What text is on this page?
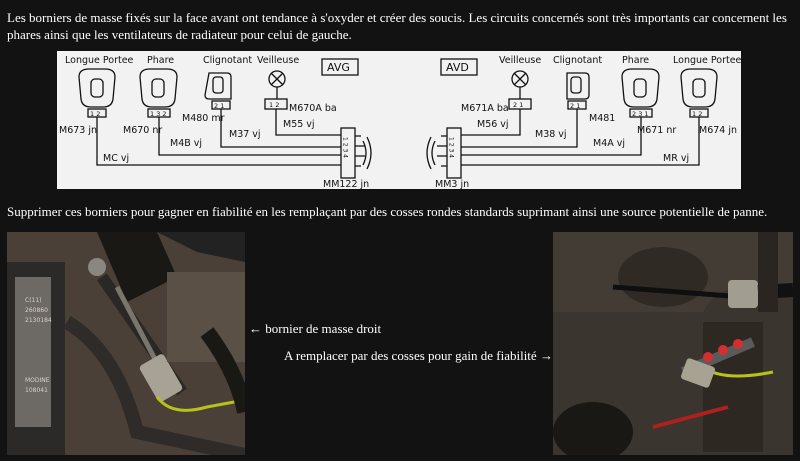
Les borniers de masse fixés sur la face avant ont tendance à s'oxyder et créer des soucis. Les circuits concernés sont très importants car concernent les phares ainsi que les ventilateurs de radiateur pour celui de gauche.

Longue Portee Phare	Clignotant Veilleuse
AVG	AVD
Veilleuse Clignotant Phare	Longue Portee
M673 jn	M670 nr
M480 mr
M670A ba
M55 vj
M37 vj
M4B vj
MC vj
MM122 jn	MM3 jn
M671A ba
M56 vj
M38 vj
M481
M671 nr M674 jn
M4A vj
MR vj
1 2	1 3 2
2 1	1 2	2 1	2 1
2 3 1	1 2
1 2 3 4	1 2 3 4

Supprimer ces borniers pour gagner en fiabilité en les remplaçant par des cosses rondes standards suprimant ainsi une source potentielle de panne.

C(11)
260860
2130184
MODINE
108041
← bornier de masse droit
A remplacer par des cosses pour gain de fiabilité →
